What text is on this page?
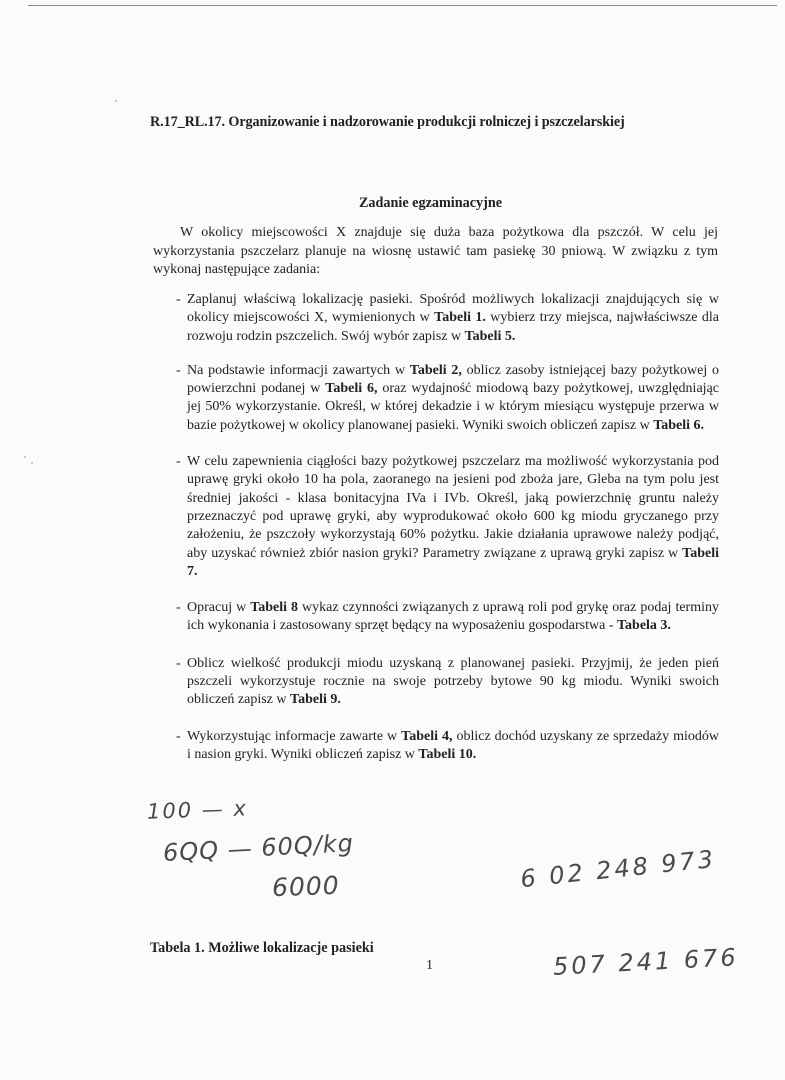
R.17_RL.17. Organizowanie i nadzorowanie produkcji rolniczej i pszczelarskiej
Zadanie egzaminacyjne
W okolicy miejscowości X znajduje się duża baza pożytkowa dla pszczół. W celu jej wykorzystania pszczelarz planuje na wiosnę ustawić tam pasiekę 30 pniową. W związku z tym wykonaj następujące zadania:
- Zaplanuj właściwą lokalizację pasieki. Spośród możliwych lokalizacji znajdujących się w okolicy miejscowości X, wymienionych w Tabeli 1. wybierz trzy miejsca, najwłaściwsze dla rozwoju rodzin pszczelich. Swój wybór zapisz w Tabeli 5.
- Na podstawie informacji zawartych w Tabeli 2, oblicz zasoby istniejącej bazy pożytkowej o powierzchni podanej w Tabeli 6, oraz wydajność miodową bazy pożytkowej, uwzględniając jej 50% wykorzystanie. Określ, w której dekadzie i w którym miesiącu występuje przerwa w bazie pożytkowej w okolicy planowanej pasieki. Wyniki swoich obliczeń zapisz w Tabeli 6.
- W celu zapewnienia ciągłości bazy pożytkowej pszczelarz ma możliwość wykorzystania pod uprawę gryki około 10 ha pola, zaoranego na jesieni pod zboża jare, Gleba na tym polu jest średniej jakości - klasa bonitacyjna IVa i IVb. Określ, jaką powierzchnię gruntu należy przeznaczyć pod uprawę gryki, aby wyprodukować około 600 kg miodu gryczanego przy założeniu, że pszczoły wykorzystają 60% pożytku. Jakie działania uprawowe należy podjąć, aby uzyskać również zbiór nasion gryki? Parametry związane z uprawą gryki zapisz w Tabeli 7.
- Opracuj w Tabeli 8 wykaz czynności związanych z uprawą roli pod grykę oraz podaj terminy ich wykonania i zastosowany sprzęt będący na wyposażeniu gospodarstwa - Tabela 3.
- Oblicz wielkość produkcji miodu uzyskaną z planowanej pasieki. Przyjmij, że jeden pień pszczeli wykorzystuje rocznie na swoje potrzeby bytowe 90 kg miodu. Wyniki swoich obliczeń zapisz w Tabeli 9.
- Wykorzystując informacje zawarte w Tabeli 4, oblicz dochód uzyskany ze sprzedaży miodów i nasion gryki. Wyniki obliczeń zapisz w Tabeli 10.
100 — x
6QQ — 60Q/kg
6000	6 02 248 973
507 241 676
Tabela 1. Możliwe lokalizacje pasieki
1
